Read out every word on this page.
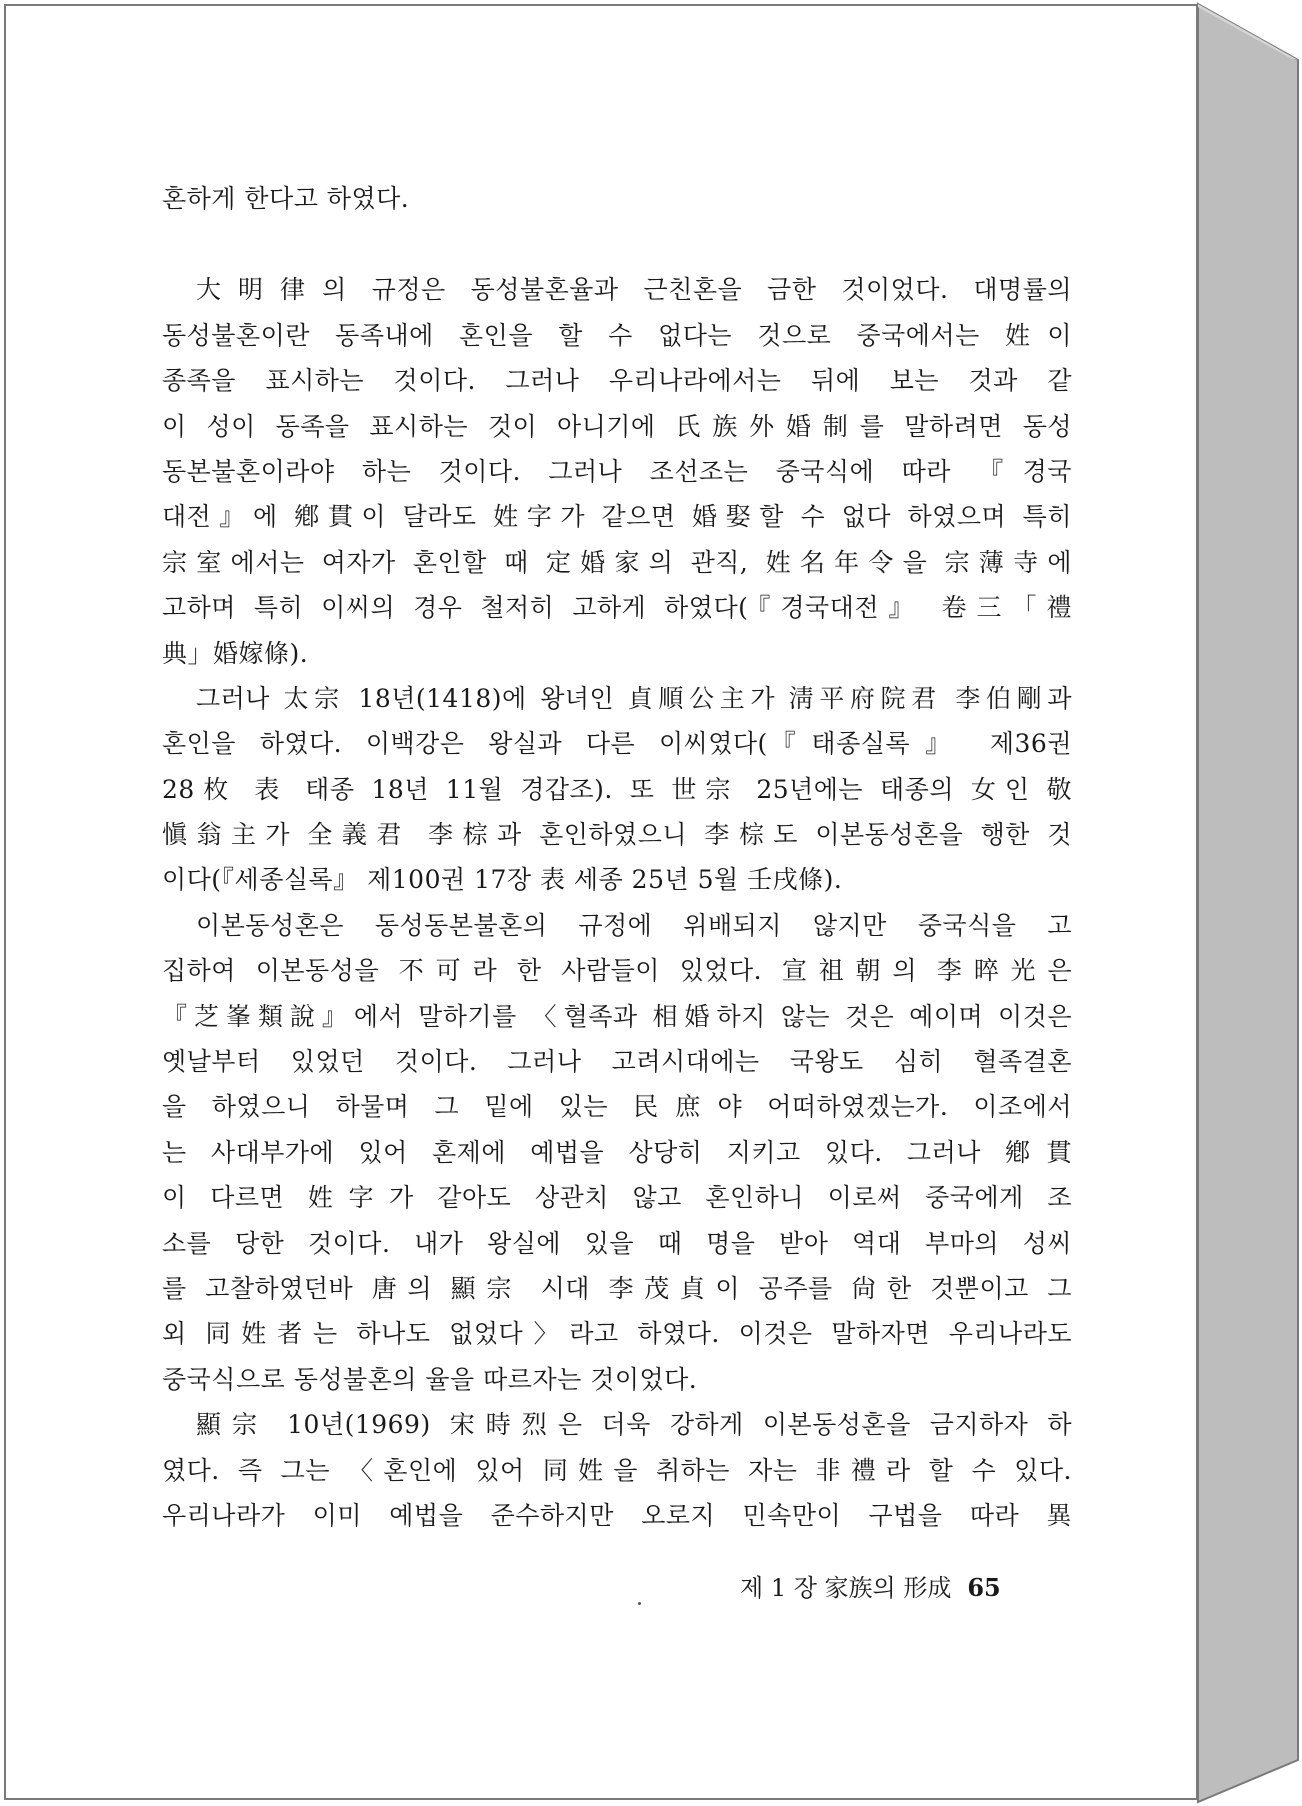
혼하게 한다고 하였다.
大明律의 규정은 동성불혼율과 근친혼을 금한 것이었다. 대명률의
동성불혼이란 동족내에 혼인을 할 수 없다는 것으로 중국에서는 姓이
종족을 표시하는 것이다. 그러나 우리나라에서는 뒤에 보는 것과 같
이 성이 동족을 표시하는 것이 아니기에 氏族外婚制를 말하려면 동성
동본불혼이라야 하는 것이다. 그러나 조선조는 중국식에 따라 『경국
대전』에 鄕貫이 달라도 姓字가 같으면 婚娶할 수 없다 하였으며 특히
宗室에서는 여자가 혼인할 때 定婚家의 관직, 姓名年令을 宗薄寺에
고하며 특히 이씨의 경우 철저히 고하게 하였다(『경국대전』 卷三「禮
典」婚嫁條).
그러나 太宗 18년(1418)에 왕녀인 貞順公主가 淸平府院君 李伯剛과
혼인을 하였다. 이백강은 왕실과 다른 이씨였다(『태종실록』 제36권
28枚 表 태종 18년 11월 경갑조). 또 世宗 25년에는 태종의 女인 敬
愼翁主가 全義君 李棕과 혼인하였으니 李棕도 이본동성혼을 행한 것
이다(『세종실록』 제100권 17장 表 세종 25년 5월 壬戌條).
이본동성혼은 동성동본불혼의 규정에 위배되지 않지만 중국식을 고
집하여 이본동성을 不可라 한 사람들이 있었다. 宣祖朝의 李晬光은
『芝峯類說』에서 말하기를 〈혈족과 相婚하지 않는 것은 예이며 이것은
옛날부터 있었던 것이다. 그러나 고려시대에는 국왕도 심히 혈족결혼
을 하였으니 하물며 그 밑에 있는 民庶야 어떠하였겠는가. 이조에서
는 사대부가에 있어 혼제에 예법을 상당히 지키고 있다. 그러나 鄕貫
이 다르면 姓字가 같아도 상관치 않고 혼인하니 이로써 중국에게 조
소를 당한 것이다. 내가 왕실에 있을 때 명을 받아 역대 부마의 성씨
를 고찰하였던바 唐의 顯宗 시대 李茂貞이 공주를 尙한 것뿐이고 그
외 同姓者는 하나도 없었다〉라고 하였다. 이것은 말하자면 우리나라도
중국식으로 동성불혼의 율을 따르자는 것이었다.
顯宗 10년(1969) 宋時烈은 더욱 강하게 이본동성혼을 금지하자 하
였다. 즉 그는 〈혼인에 있어 同姓을 취하는 자는 非禮라 할 수 있다.
우리나라가 이미 예법을 준수하지만 오로지 민속만이 구법을 따라 異
제 1 장 家族의 形成 65
